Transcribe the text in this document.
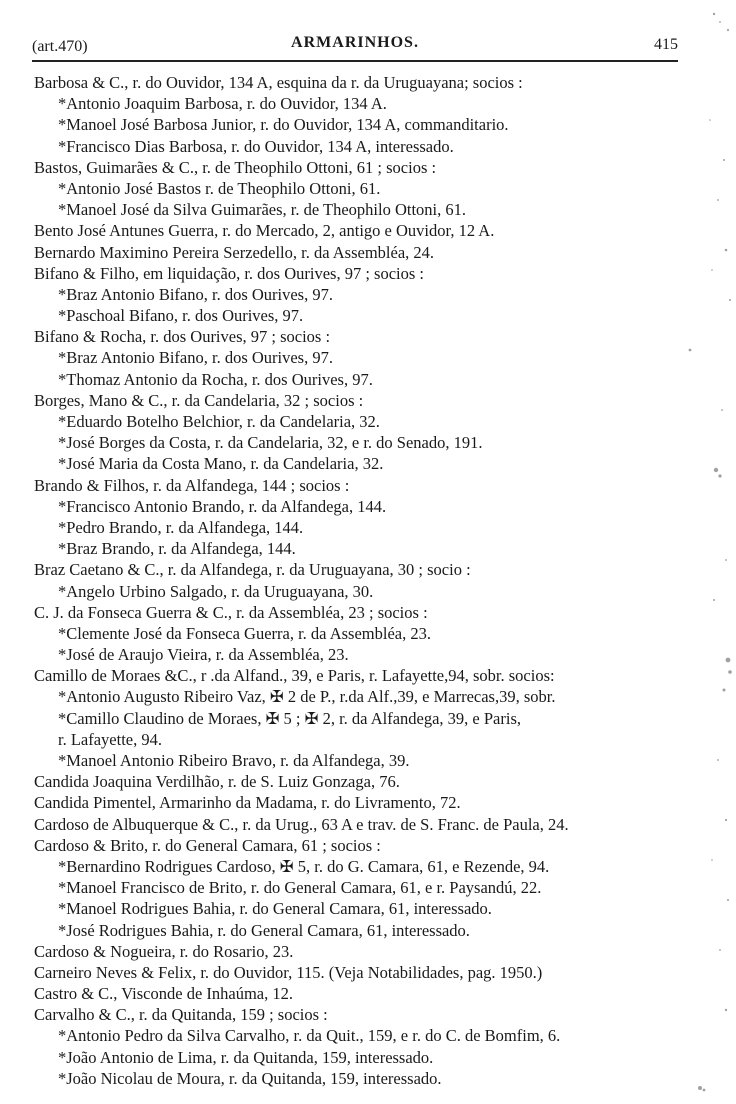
(art.470)	ARMARINHOS.	415
Barbosa & C., r. do Ouvidor, 134 A, esquina da r. da Uruguayana; socios :
*Antonio Joaquim Barbosa, r. do Ouvidor, 134 A.
*Manoel José Barbosa Junior, r. do Ouvidor, 134 A, commanditario.
*Francisco Dias Barbosa, r. do Ouvidor, 134 A, interessado.
Bastos, Guimarães & C., r. de Theophilo Ottoni, 61 ; socios :
*Antonio José Bastos r. de Theophilo Ottoni, 61.
*Manoel José da Silva Guimarães, r. de Theophilo Ottoni, 61.
Bento José Antunes Guerra, r. do Mercado, 2, antigo e Ouvidor, 12 A.
Bernardo Maximino Pereira Serzedello, r. da Assembléa, 24.
Bifano & Filho, em liquidação, r. dos Ourives, 97 ; socios :
*Braz Antonio Bifano, r. dos Ourives, 97.
*Paschoal Bifano, r. dos Ourives, 97.
Bifano & Rocha, r. dos Ourives, 97 ; socios :
*Braz Antonio Bifano, r. dos Ourives, 97.
*Thomaz Antonio da Rocha, r. dos Ourives, 97.
Borges, Mano & C., r. da Candelaria, 32 ; socios :
*Eduardo Botelho Belchior, r. da Candelaria, 32.
*José Borges da Costa, r. da Candelaria, 32, e r. do Senado, 191.
*José Maria da Costa Mano, r. da Candelaria, 32.
Brando & Filhos, r. da Alfandega, 144 ; socios :
*Francisco Antonio Brando, r. da Alfandega, 144.
*Pedro Brando, r. da Alfandega, 144.
*Braz Brando, r. da Alfandega, 144.
Braz Caetano & C., r. da Alfandega, r. da Uruguayana, 30 ; socio :
*Angelo Urbino Salgado, r. da Uruguayana, 30.
C. J. da Fonseca Guerra & C., r. da Assembléa, 23 ; socios :
*Clemente José da Fonseca Guerra, r. da Assembléa, 23.
*José de Araujo Vieira, r. da Assembléa, 23.
Camillo de Moraes &C., r .da Alfand., 39, e Paris, r. Lafayette,94, sobr. socios:
*Antonio Augusto Ribeiro Vaz, ✠ 2 de P., r.da Alf.,39, e Marrecas,39, sobr.
*Camillo Claudino de Moraes, ✠ 5 ; ✠ 2, r. da Alfandega, 39, e Paris,
r. Lafayette, 94.
*Manoel Antonio Ribeiro Bravo, r. da Alfandega, 39.
Candida Joaquina Verdilhão, r. de S. Luiz Gonzaga, 76.
Candida Pimentel, Armarinho da Madama, r. do Livramento, 72.
Cardoso de Albuquerque & C., r. da Urug., 63 A e trav. de S. Franc. de Paula, 24.
Cardoso & Brito, r. do General Camara, 61 ; socios :
*Bernardino Rodrigues Cardoso, ✠ 5, r. do G. Camara, 61, e Rezende, 94.
*Manoel Francisco de Brito, r. do General Camara, 61, e r. Paysandú, 22.
*Manoel Rodrigues Bahia, r. do General Camara, 61, interessado.
*José Rodrigues Bahia, r. do General Camara, 61, interessado.
Cardoso & Nogueira, r. do Rosario, 23.
Carneiro Neves & Felix, r. do Ouvidor, 115. (Veja Notabilidades, pag. 1950.)
Castro & C., Visconde de Inhaúma, 12.
Carvalho & C., r. da Quitanda, 159 ; socios :
*Antonio Pedro da Silva Carvalho, r. da Quit., 159, e r. do C. de Bomfim, 6.
*João Antonio de Lima, r. da Quitanda, 159, interessado.
*João Nicolau de Moura, r. da Quitanda, 159, interessado.
